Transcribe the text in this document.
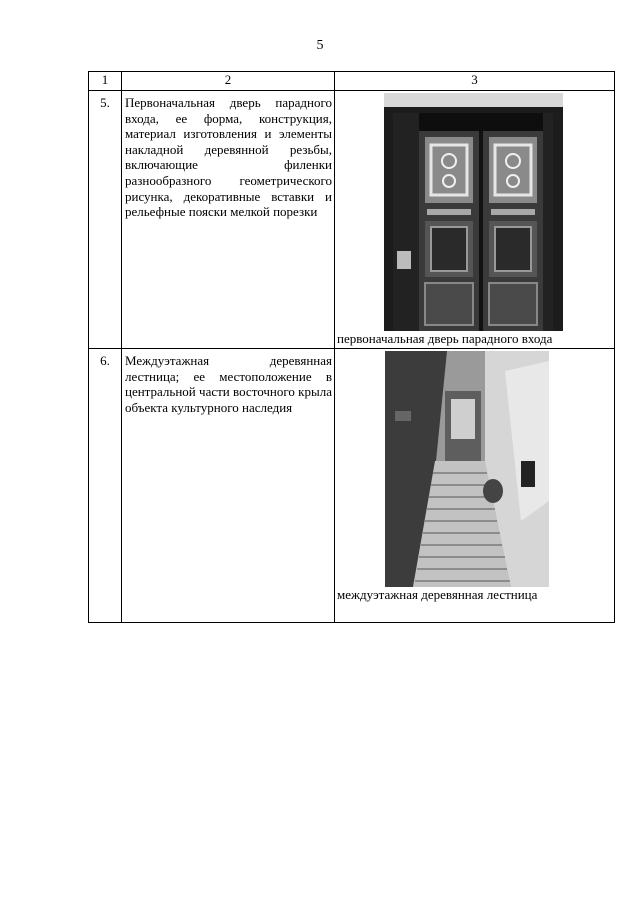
5
1	2	3
5.	Первоначальная дверь парадного входа, ее форма, конструкция, материал изготовления и элементы накладной деревянной резьбы, включающие филенки разнообразного геометрического рисунка, декоративные вставки и рельефные пояски мелкой порезки	первоначальная дверь парадного входа

6.	Междуэтажная деревянная лестница; ее местоположение в центральной части восточного крыла объекта культурного наследия	междуэтажная деревянная лестница
